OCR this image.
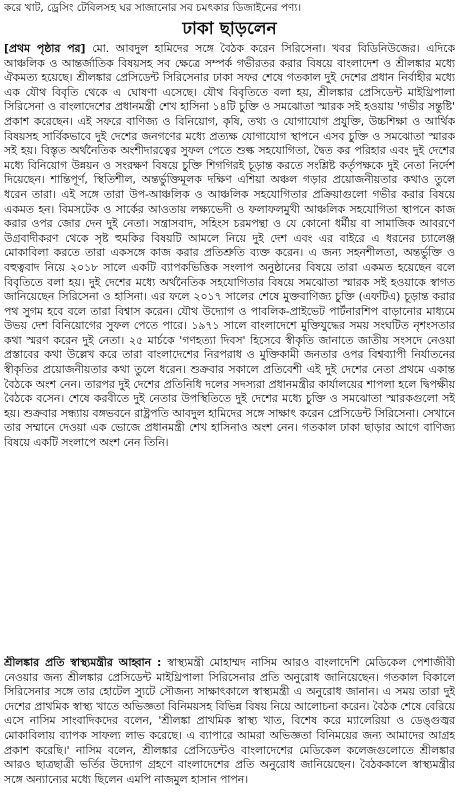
করে খাট, ড্রেসিং টেবিলসহ ঘর সাজানোর সব চমৎকার ডিজাইনের পণ্য।
ঢাকা ছাড়লেন
[প্রথম পৃষ্ঠার পর] মো. আবদুল হামিদের সঙ্গে বৈঠক করেন সিরিসেনা। খবর বিডিনিউজের। এদিকে আঞ্চলিক ও আন্তর্জাতিক বিষয়সহ সব ক্ষেত্রে সম্পর্ক গভীরতর করার বিষয়ে বাংলাদেশ ও শ্রীলঙ্কার মধ্যে ঐকমত্য হয়েছে। শ্রীলঙ্কার প্রেসিডেন্ট সিরিসেনার ঢাকা সফর শেষে গতকাল দুই দেশের প্রধান নির্বাহীর মধ্যে এক যৌথ বিবৃতি থেকে এ ঘোষণা এসেছে। যৌথ বিবৃতিতে বলা হয়, শ্রীলঙ্কার প্রেসিডেন্ট মাইথ্রিপালা সিরিসেনা ও বাংলাদেশের প্রধানমন্ত্রী শেখ হাসিনা ১৪টি চুক্তি ও সমঝোতা স্মারক সই হওয়ায় 'গভীর সন্তুষ্টি' প্রকাশ করেছেন। এই সফরে বাণিজ্য ও বিনিয়োগ, কৃষি, তথ্য ও যোগাযোগ প্রযুক্তি, উচ্চশিক্ষা ও আর্থিক বিষয়সহ সার্বিকভাবে দুই দেশের জনগণের মধ্যে প্রত্যক্ষ যোগাযোগ স্থাপনে এসব চুক্তি ও সমঝোতা স্মারক সই হয়। বিস্তৃত অর্থনৈতিক অংশীদারত্বের সুফল পেতে শুল্ক সহযোগিতা, দ্বৈত কর পরিহার এবং দুই দেশের মধ্যে বিনিয়োগ উন্নয়ন ও সংরক্ষণ বিষয়ে চুক্তি শিগগিরই চূড়ান্ত করতে সংশ্লিষ্ট কর্তৃপক্ষকে দুই নেতা নির্দেশ দিয়েছেন। শান্তিপূর্ণ, স্থিতিশীল, অন্তর্ভুক্তিমূলক দক্ষিণ এশিয়া অঞ্চল গড়ার প্রয়োজনীয়তার কথাও তুলে ধরেন তারা। এই সঙ্গে তারা উপ-আঞ্চলিক ও আঞ্চলিক সহযোগিতার প্রক্রিয়াগুলো গভীর করার বিষয়ে একমত হন। বিমসটেক ও সার্কের আওতায় লক্ষ্যভেদী ও ফলাফলমুখী আঞ্চলিক সহযোগিতা স্থাপনে কাজ করার ওপর জোর দেন দুই নেতা। সন্ত্রাসবাদ, সহিংস চরমপন্থা ও যে কোনো ধর্মীয় বা সামাজিক আবরণে উগ্রবাদীকরণ থেকে সৃষ্ট হুমকির বিষয়টি আমলে নিয়ে দুই দেশ এবং এর বাইরে এ ধরনের চ্যালেঞ্জ মোকাবিলা করতে তারা একসঙ্গে কাজ করার প্রতিশ্রুতি ব্যক্ত করেন। এ জন্য সহনশীলতা, অন্তর্ভুক্তি ও বহুত্ববাদ নিয়ে ২০১৮ সালে একটি ব্যাপকভিত্তিক সংলাপ অনুষ্ঠানের বিষয়ে তারা একমত হয়েছেন বলে বিবৃতিতে বলা হয়। দুই দেশের মধ্যে অর্থনৈতিক সহযোগিতার বিষয়ে সমঝোতা স্মারক সই হওয়াকে স্বাগত জানিয়েছেন সিরিসেনা ও হাসিনা। এর ফলে ২০১৭ সালের শেষে মুক্তবাণিজ্য চুক্তি (এফটিএ) চূড়ান্ত করার পথ সুগম হবে বলে তারা বিশ্বাস করেন। যৌথ উদ্যোগ ও পাবলিক-প্রাইভেট পার্টনারশিপ বাড়ানোর মাধ্যমে উভয় দেশ বিনিয়োগের সুফল পেতে পারে। ১৯৭১ সালে বাংলাদেশে মুক্তিযুদ্ধের সময় সংঘটিত নৃশংসতার কথা স্মরণ করেন দুই নেতা। ২৫ মার্চকে 'গণহত্যা দিবস' হিসেবে স্বীকৃতি জানাতে জাতীয় সংসদে নেওয়া প্রস্তাবের কথা উল্লেখ করে তারা বাংলাদেশের নিরপরাধ ও মুক্তিকামী জনতার ওপর বিশ্বব্যাপী নির্যাতনের স্বীকৃতির প্রয়োজনীয়তার কথা তুলে ধরেন। শুক্রবার সকালে প্রতিবেশী এই দুই দেশের নেতা প্রথমে একান্ত বৈঠকে অংশ নেন। তারপর দুই দেশের প্রতিনিধি দলের সদস্যরা প্রধানমন্ত্রীর কার্যালয়ের শাপলা হলে দ্বিপক্ষীয় বৈঠকে বসেন। শেষে করবীতে দুই নেতার উপস্থিতিতে দুই দেশের মধ্যে চুক্তি ও সমঝোতা স্মারকগুলো সই হয়। শুক্রবার সন্ধ্যায় বঙ্গভবনে রাষ্ট্রপতি আবদুল হামিদের সঙ্গে সাক্ষাৎ করেন প্রেসিডেন্ট সিরিসেনা। সেখানে তার সম্মানে দেওয়া এক ভোজে প্রধানমন্ত্রী শেখ হাসিনাও অংশ নেন। গতকাল ঢাকা ছাড়ার আগে বাণিজ্য বিষয়ে একটি সংলাপে অংশ নেন তিনি।
শ্রীলঙ্কার প্রতি স্বাস্থ্যমন্ত্রীর আহ্বান : স্বাস্থ্যমন্ত্রী মোহাম্মদ নাসিম আরও বাংলাদেশি মেডিকেল পেশাজীবী নেওয়ার জন্য শ্রীলঙ্কার প্রেসিডেন্ট মাইথ্রিপালা সিরিসেনার প্রতি অনুরোধ জানিয়েছেন। গতকাল বিকালে সিরিসেনার সঙ্গে তার হোটেল স্যুটে সৌজন্য সাক্ষাৎকালে স্বাস্থ্যমন্ত্রী এ অনুরোধ জানান। এ সময় তারা দুই দেশের প্রাথমিক স্বাস্থ্য খাতে অভিজ্ঞতা বিনিময়সহ বিভিন্ন বিষয় নিয়ে আলোচনা করেন। বৈঠক শেষে বেরিয়ে এসে নাসিম সাংবাদিকদের বলেন, 'শ্রীলঙ্কা প্রাথমিক স্বাস্থ্য খাত, বিশেষ করে ম্যালেরিয়া ও ডেঙ্গুজ্বর মোকাবিলায় ব্যাপক সাফল্য লাভ করেছে। এ ব্যাপারে আমরা অভিজ্ঞতা বিনিময়ের জন্য আমাদের আগ্রহ প্রকাশ করেছি।' নাসিম বলেন, শ্রীলঙ্কার প্রেসিডেন্টও বাংলাদেশের মেডিকেল কলেজগুলোতে শ্রীলঙ্কার আরও ছাত্রছাত্রী ভর্তির উদ্যোগ গ্রহণে বাংলাদেশের প্রতি অনুরোধ জানিয়েছেন। বৈঠককালে স্বাস্থ্যমন্ত্রীর সঙ্গে অন্যান্যের মধ্যে ছিলেন এমপি নাজমুল হাসান পাপন।
